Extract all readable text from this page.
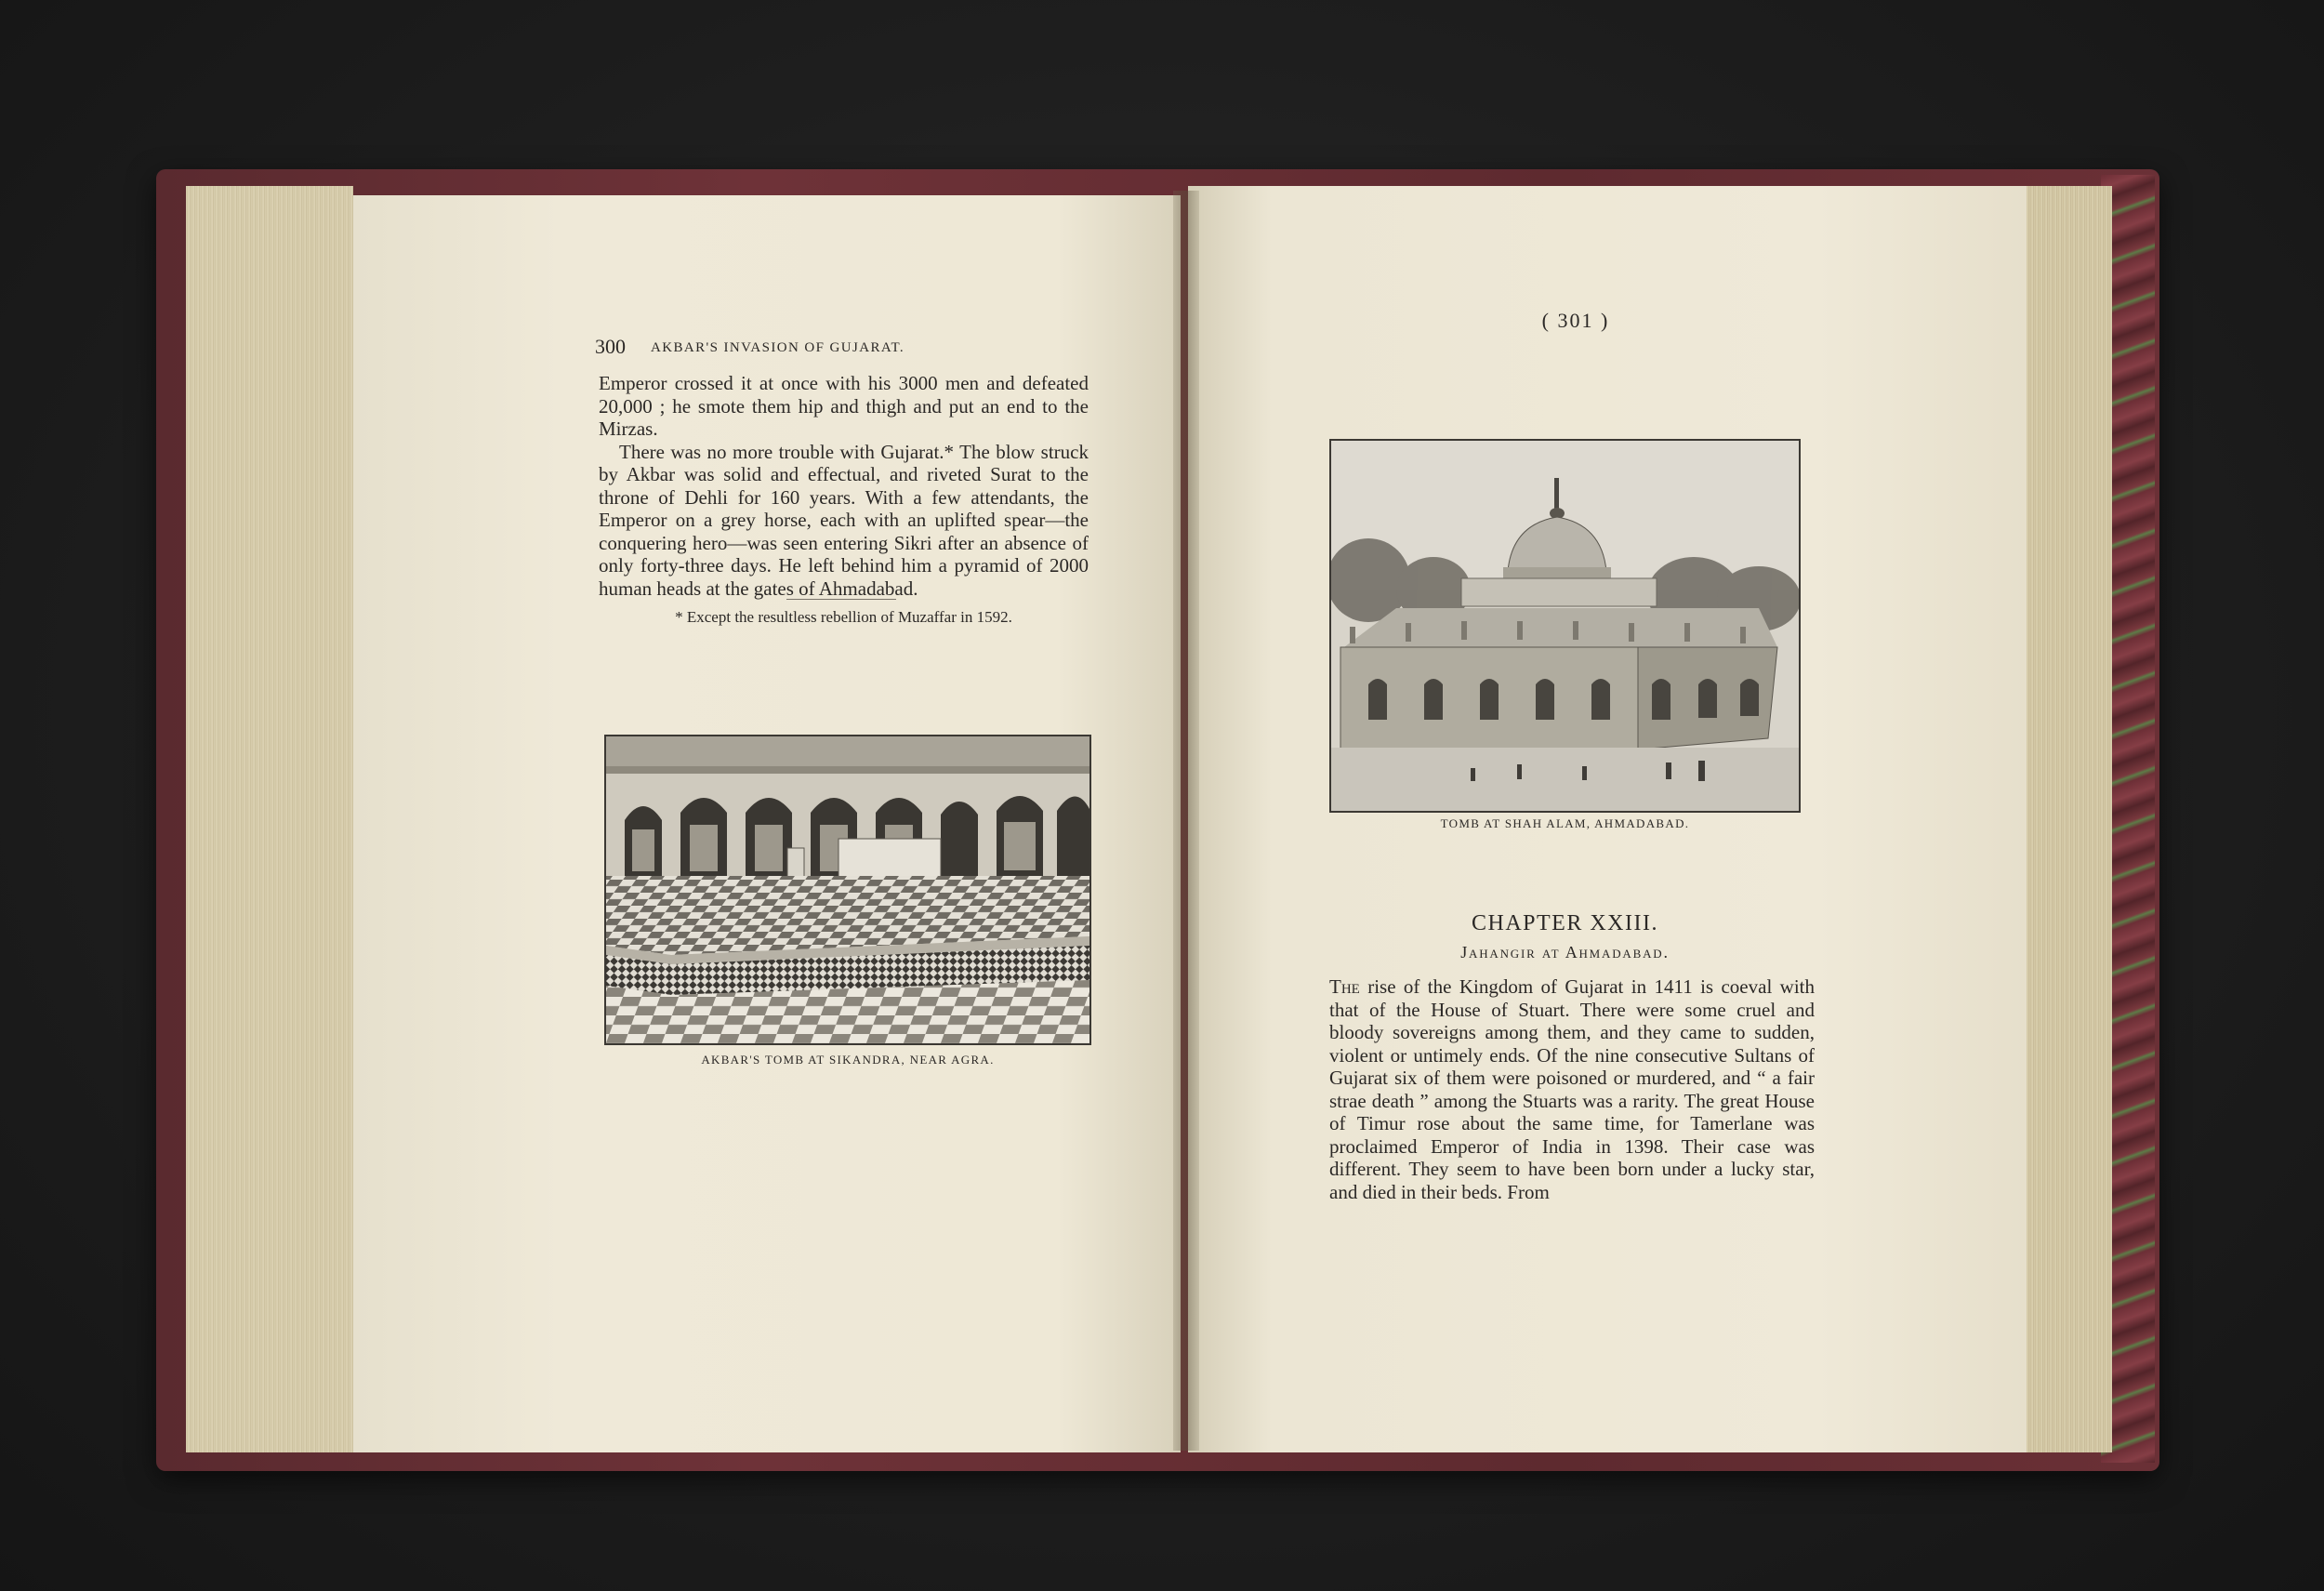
300 AKBAR'S INVASION OF GUJARAT.

Emperor crossed it at once with his 3000 men and defeated 20,000 ; he smote them hip and thigh and put an end to the Mirzas.

There was no more trouble with Gujarat.* The blow struck by Akbar was solid and effectual, and riveted Surat to the throne of Dehli for 160 years. With a few attendants, the Emperor on a grey horse, each with an uplifted spear—the conquering hero—was seen entering Sikri after an absence of only forty-three days. He left behind him a pyramid of 2000 human heads at the gates of Ahmadabad.

* Except the resultless rebellion of Muzaffar in 1592.
AKBAR'S TOMB AT SIKANDRA, NEAR AGRA.
( 301 )
TOMB AT SHAH ALAM, AHMADABAD.
CHAPTER XXIII.
Jahangir at Ahmadabad.
The rise of the Kingdom of Gujarat in 1411 is coeval with that of the House of Stuart. There were some cruel and bloody sovereigns among them, and they came to sudden, violent or untimely ends. Of the nine consecutive Sultans of Gujarat six of them were poisoned or murdered, and “ a fair strae death ” among the Stuarts was a rarity. The great House of Timur rose about the same time, for Tamerlane was proclaimed Emperor of India in 1398. Their case was different. They seem to have been born under a lucky star, and died in their beds. From
